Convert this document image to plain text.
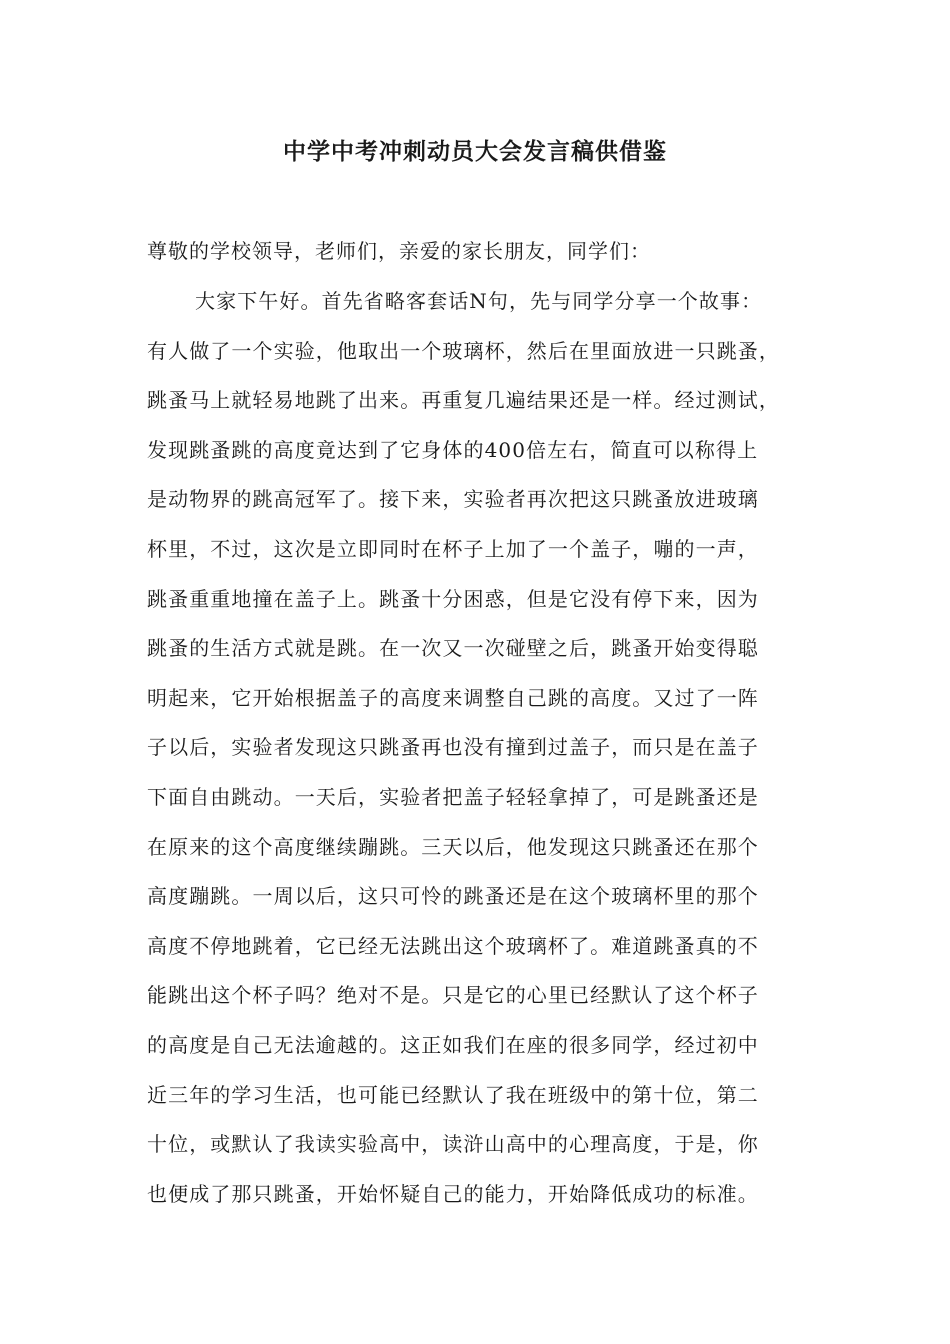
中学中考冲刺动员大会发言稿供借鉴
尊敬的学校领导，老师们，亲爱的家长朋友，同学们：
大家下午好。首先省略客套话N句，先与同学分享一个故事：
有人做了一个实验，他取出一个玻璃杯，然后在里面放进一只跳蚤，
跳蚤马上就轻易地跳了出来。再重复几遍结果还是一样。经过测试，
发现跳蚤跳的高度竟达到了它身体的400倍左右，简直可以称得上
是动物界的跳高冠军了。接下来，实验者再次把这只跳蚤放进玻璃
杯里，不过，这次是立即同时在杯子上加了一个盖子，嘣的一声，
跳蚤重重地撞在盖子上。跳蚤十分困惑，但是它没有停下来，因为
跳蚤的生活方式就是跳。在一次又一次碰壁之后，跳蚤开始变得聪
明起来，它开始根据盖子的高度来调整自己跳的高度。又过了一阵
子以后，实验者发现这只跳蚤再也没有撞到过盖子，而只是在盖子
下面自由跳动。一天后，实验者把盖子轻轻拿掉了，可是跳蚤还是
在原来的这个高度继续蹦跳。三天以后，他发现这只跳蚤还在那个
高度蹦跳。一周以后，这只可怜的跳蚤还是在这个玻璃杯里的那个
高度不停地跳着，它已经无法跳出这个玻璃杯了。难道跳蚤真的不
能跳出这个杯子吗？绝对不是。只是它的心里已经默认了这个杯子
的高度是自己无法逾越的。这正如我们在座的很多同学，经过初中
近三年的学习生活，也可能已经默认了我在班级中的第十位，第二
十位，或默认了我读实验高中，读浒山高中的心理高度，于是，你
也便成了那只跳蚤，开始怀疑自己的能力，开始降低成功的标准。
